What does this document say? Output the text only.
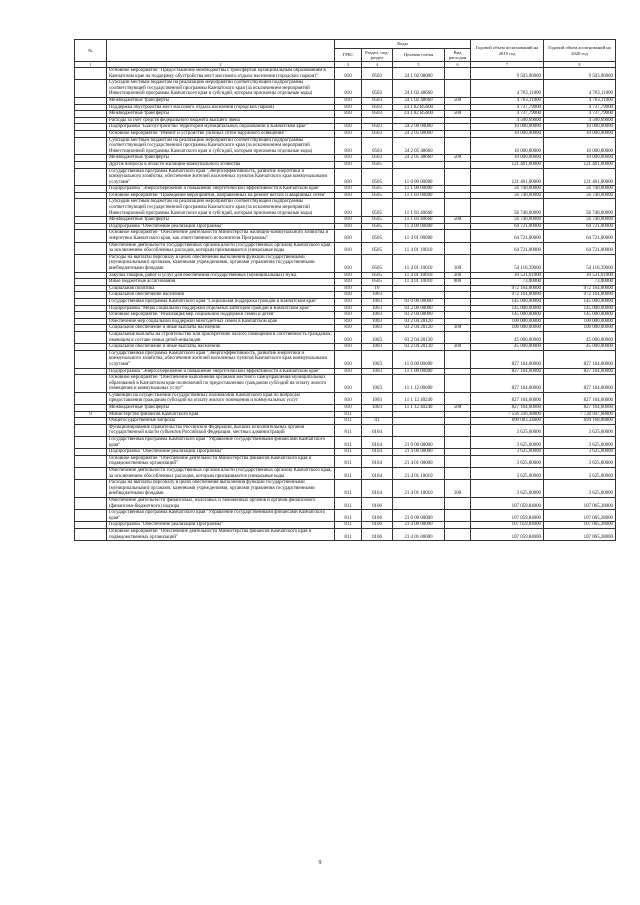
№		Коды				Годовой объем ассигнований на 2019 год	Годовой объем ассигнований на 2020 год
		ГРБС	Раздел, под-раздел	Целевая статья	Вид расходов		
1	2	3	4	5	6	7	8
	Основное мероприятие "Предоставление межбюджетных трансфертов муниципальным образованиям в Камчатском крае на поддержку обустройства мест массового отдыха населения (городских парков)"	810	0503	24 1 02 00000		9 503,96000	9 503,96000
	Субсидии местным бюджетам на реализацию мероприятий соответствующей подпрограммы соответствующей государственной программы Камчатского края (за исключением мероприятий Инвестиционной программы Камчатского края и субсидий, которым присвоены отдельные коды)	810	0503	24 1 02 40660		4 763,11000	4 763,11000
	Межбюджетные трансферты	810	0503	24 1 02 40660	500	4 763,11000	4 763,11000
	Поддержка обустройства мест массового отдыха населения (городских парков)	810	0503	24 1 02 R5600		4 737,79000	4 737,79000
	Межбюджетные трансферты	810	0503	24 1 02 R5600	500	4 737,79000	4 737,79000
	Расходы за счет средств федерального бюджета высшего звена					4 500,69000	4 500,69000
	Подпрограмма "Благоустройство территорий муниципальных образований в Камчатском крае"	810	0503	24 2 00 00000		10 000,00000	10 000,00000
	Основное мероприятие "Ремонт и устройство уличных сетей наружного освещения"	810	0503	24 2 05 00000		10 000,00000	10 000,00000
	Субсидии местным бюджетам на реализацию мероприятий соответствующей подпрограммы соответствующей государственной программы Камчатского края (за исключением мероприятий Инвестиционной программы Камчатского края и субсидий, которым присвоены отдельные коды)	810	0503	24 2 05 40660		10 000,00000	10 000,00000
	Межбюджетные трансферты	810	0503	24 2 05 40660	500	10 000,00000	10 000,00000
	Другие вопросы в области жилищно-коммунального хозяйства	810	0505			121 461,00000	121 461,00000
	Государственная программа Камчатского края "Энергоэффективность, развитие энергетики и коммунального хозяйства, обеспечение жителей населенных пунктов Камчатского края коммунальными услугами"	810	0505	11 0 00 00000		121 461,00000	121 461,00000
	Подпрограмма "Энергосбережение и повышение энергетической эффективности в Камчатском крае"	810	0505	11 1 00 00000		56 740,00000	56 740,00000
	Основное мероприятие "Проведение мероприятий, направленных на ремонт ветхих и аварийных сетей"	810	0505	11 1 03 00000		56 740,00000	56 740,00000
	Субсидии местным бюджетам на реализацию мероприятий соответствующей подпрограммы соответствующей государственной программы Камчатского края (за исключением мероприятий Инвестиционной программы Камчатского края и субсидий, которым присвоены отдельные коды)	810	0505	11 1 03 40660		56 740,00000	56 740,00000
	Межбюджетные трансферты	810	0505	11 1 03 40660	500	56 740,00000	56 740,00000
	Подпрограмма "Обеспечение реализации Программы"	810	0505	11 4 00 00000		64 721,00000	64 721,00000
	Основное мероприятие "Обеспечение деятельности Министерства жилищно-коммунального хозяйства и энергетики Камчатского края, как ответственного исполнителя Программы"	810	0505	11 4 01 00000		64 721,00000	64 721,00000
	Обеспечение деятельности государственных органов власти (государственных органов) Камчатского края, за исключением обособленных расходов, которым присваиваются уникальные коды	810	0505	11 4 01 10010		64 721,00000	64 721,00000
	Расходы на выплаты персоналу в целях обеспечения выполнения функций государственными (муниципальными) органами, казенными учреждениями, органами управления государственными внебюджетными фондами	810	0505	11 4 01 10010	100	54 116,39000	54 116,39000
	Закупка товаров, работ и услуг для обеспечения государственных (муниципальных) нужд	810	0505	11 4 01 10010	200	10 531,61000	10 531,61000
	Иные бюджетные ассигнования	810	0505	11 4 01 10010	800	73,00000	73,00000
	Социальная политика	810	10			972 164,00000	972 164,00000
	Социальное обеспечение населения	810	1003			972 164,00000	972 164,00000
	Государственная программа Камчатского края "Социальная поддержка граждан в Камчатском крае"	810	1003	03 0 00 00000		145 000,00000	145 000,00000
	Подпрограмма "Меры социальной поддержки отдельных категорий граждан в Камчатском крае"	810	1003	03 2 00 00000		145 000,00000	145 000,00000
	Основное мероприятие "Реализация мер социальной поддержки семей и детей"	810	1003	03 2 04 00000		145 000,00000	145 000,00000
	Обеспечение мер социальной поддержки многодетных семей в Камчатском крае	810	1003	03 2 04 20120		100 000,00000	100 000,00000
	Социальное обеспечение и иные выплаты населению	810	1003	03 2 04 20120	300	100 000,00000	100 000,00000
	Социальные выплаты на строительство или приобретение жилого помещения в собственность гражданам, имеющим в составе семьи детей-инвалидов	810	1003	03 2 04 20130		45 000,00000	45 000,00000
	Социальное обеспечение и иные выплаты населению	810	1003	03 2 04 20130	300	45 000,00000	45 000,00000
	Государственная программа Камчатского края "Энергоэффективность, развитие энергетики и коммунального хозяйства, обеспечение жителей населенных пунктов Камчатского края коммунальными услугами"	810	1003	11 0 00 00000		827 164,00000	827 164,00000
	Подпрограмма "Энергосбережение и повышение энергетической эффективности в Камчатском крае"	810	1003	11 1 00 00000		827 164,00000	827 164,00000
	Основное мероприятие "Обеспечение выполнения органами местного самоуправления муниципальных образований в Камчатском крае полномочий по предоставлению гражданам субсидий на оплату жилого помещения и коммунальных услуг"	810	1003	11 1 12 00000		827 164,00000	827 164,00000
	Субвенции на осуществление государственных полномочий Камчатского края по вопросам предоставления гражданам субсидий на оплату жилого помещения и коммунальных услуг	810	1003	11 1 12 40240		827 164,00000	827 164,00000
	Межбюджетные трансферты	810	1003	11 1 12 40240	500	827 164,00000	827 164,00000
9	Министерство финансов Камчатского края	811				7 556 336,48800	7 728 947,68800
	Общегосударственные вопросы	811	01			890 083,34000	694 168,88800
	Функционирование Правительства Российской Федерации, высших исполнительных органов государственной власти субъектов Российской Федерации, местных администраций	811	0104			3 625,00000	3 625,00000
	Государственная программа Камчатского края "Управление государственными финансами Камчатского края"	811	0104	21 0 00 00000		3 625,00000	3 625,00000
	Подпрограмма "Обеспечение реализации Программы"	811	0104	21 4 00 00000		3 625,00000	3 625,00000
	Основное мероприятие "Обеспечение деятельности Министерства финансов Камчатского края и подведомственных организаций"	811	0104	21 4 01 00000		3 625,00000	3 625,00000
	Обеспечение деятельности государственных органов власти (государственных органов) Камчатского края, за исключением обособленных расходов, которым присваиваются уникальные коды	811	0104	21 4 01 10010		3 625,00000	3 625,00000
	Расходы на выплаты персоналу в целях обеспечения выполнения функций государственными (муниципальными) органами, казенными учреждениями, органами управления государственными внебюджетными фондами	811	0104	21 4 01 10010	100	3 625,00000	3 625,00000
	Обеспечение деятельности финансовых, налоговых и таможенных органов и органов финансового (финансово-бюджетного) надзора	811	0106			107 059,84000	107 065,28000
	Государственная программа Камчатского края "Управление государственными финансами Камчатского края"	811	0106	21 0 00 00000		107 059,84000	107 065,28000
	Подпрограмма "Обеспечение реализации Программы"	811	0106	21 4 00 00000		107 059,84000	107 065,28000
	Основное мероприятие "Обеспечение деятельности Министерства финансов Камчатского края и подведомственных организаций"	811	0106	21 4 01 00000		107 059,84000	107 065,28000
9
